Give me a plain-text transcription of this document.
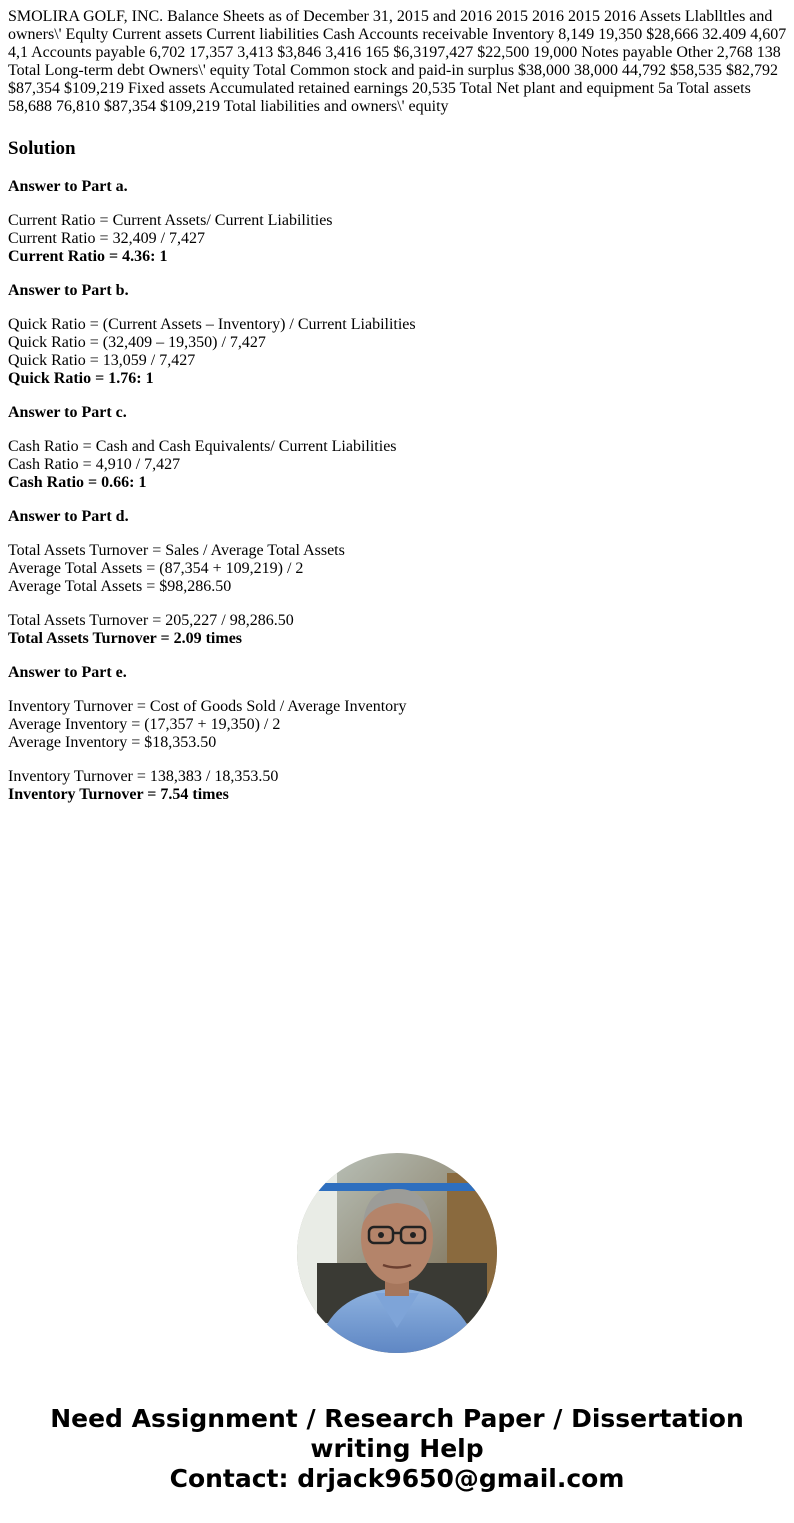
SMOLIRA GOLF, INC. Balance Sheets as of December 31, 2015 and 2016 2015 2016 2015 2016 Assets Llablltles and owners\' Equlty Current assets Current liabilities Cash Accounts receivable Inventory 8,149 19,350 $28,666 32.409 4,607 4,1 Accounts payable 6,702 17,357 3,413 $3,846 3,416 165 $6,3197,427 $22,500 19,000 Notes payable Other 2,768 138 Total Long-term debt Owners\' equity Total Common stock and paid-in surplus $38,000 38,000 44,792 $58,535 $82,792 $87,354 $109,219 Fixed assets Accumulated retained earnings 20,535 Total Net plant and equipment 5a Total assets 58,688 76,810 $87,354 $109,219 Total liabilities and owners\' equity
Solution
Answer to Part a.
Current Ratio = Current Assets/ Current Liabilities
Current Ratio = 32,409 / 7,427
Current Ratio = 4.36: 1
Answer to Part b.
Quick Ratio = (Current Assets – Inventory) / Current Liabilities
Quick Ratio = (32,409 – 19,350) / 7,427
Quick Ratio = 13,059 / 7,427
Quick Ratio = 1.76: 1
Answer to Part c.
Cash Ratio = Cash and Cash Equivalents/ Current Liabilities
Cash Ratio = 4,910 / 7,427
Cash Ratio = 0.66: 1
Answer to Part d.
Total Assets Turnover = Sales / Average Total Assets
Average Total Assets = (87,354 + 109,219) / 2
Average Total Assets = $98,286.50
Total Assets Turnover = 205,227 / 98,286.50
Total Assets Turnover = 2.09 times
Answer to Part e.
Inventory Turnover = Cost of Goods Sold / Average Inventory
Average Inventory = (17,357 + 19,350) / 2
Average Inventory = $18,353.50
Inventory Turnover = 138,383 / 18,353.50
Inventory Turnover = 7.54 times
Need Assignment / Research Paper / Dissertation
writing Help
Contact: drjack9650@gmail.com
